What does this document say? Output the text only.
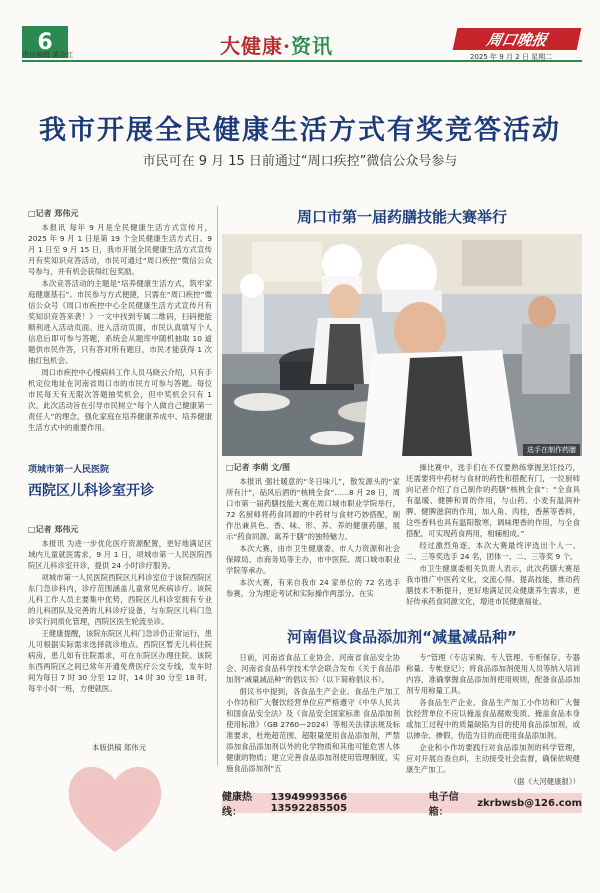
6
责任编辑 黄会红	大健康·资讯	周口晚报
2025 年 9 月 2 日 星期二
我市开展全民健康生活方式有奖竞答活动
市民可在 9 月 15 日前通过“周口疾控”微信公众号参与
□记者 郑伟元

本报讯 每年 9 月是全民健康生活方式宣传月，2025 年 9 月 1 日是第 19 个全民健康生活方式日。9 月 1 日至 9 月 15 日，我市开展全民健康生活方式宣传月有奖知识竞答活动，市民可通过“周口疾控”微信公众号参与，并有机会获得红包奖励。

本次竞答活动的主题是“培养健康生活方式，筑牢家庭健康基石”。市民参与方式便捷，只需在“周口疾控”微信公众号《周口市疾控中心全民健康生活方式宣传月有奖知识竞答来袭！》一文中找到专属二维码，扫码便能顺利进入活动页面。进入活动页面，市民认真填写个人信息后即可参与答题，系统会从题库中随机抽取 10 道题供市民作答，只有答对所有题目，市民才能获得 1 次抽红包机会。

周口市疾控中心慢病科工作人员马晓云介绍，只有手机定位地址在河南省周口市的市民方可参与答题。每位市民每天有无限次答题抽奖机会，但中奖机会只有 1 次。此次活动旨在引导市民树立“每个人做自己健康第一责任人”的理念，强化家庭在培养健康养成中、培养健康生活方式中的重要作用。

项城市第一人民医院
西院区儿科诊室开诊
□记者 郑伟元

本报讯 为进一步优化医疗资源配置，更好地满足区域内儿童就医需求，9 月 1 日，项城市第一人民医院西院区儿科诊室开诊，提供 24 小时诊疗服务。

项城市第一人民医院西院区儿科诊室位于该院西院区东门急诊科内，诊疗范围涵盖儿童常见疾病诊疗。该院儿科工作人员主要集中优势，西院区儿科诊室拥有专业的儿科团队及完善的儿科诊疗设备，与东院区儿科门急诊实行同质化管理，西院区医生轮流坐诊。

王健康提醒，该院东院区儿科门急诊仍正常运行，患儿可根据实际需求选择就诊地点。西院区暂无儿科住院病房，患儿如有住院需求，可在东院区办理住院。该院东西两院区之间已常年开通免费医疗公交专线，发车时间为每日 7 时 30 分至 12 时，14 时 30 分至 18 时，每半小时一班，方便就医。

本版供稿 郑伟元
周口市第一届药膳技能大赛举行
选手在制作药膳
□记者 李萌 文/图

本报讯 强壮暖意的“冬日味儿”，散发源头的“家所有汁”，砧风后酒的“核桃全食”……8 月 28 日，周口市第一届药膳技能大赛在周口城市职业学院举行，72 名厨师将药食同源的中药材与食材巧妙搭配，制作出兼具色、香、味、形、养、养的健康药膳，展示“药食同源、寓养于膳”的独特魅力。

本次大赛，由市卫生健康委、市人力资源和社会保障局、市商务局等主办，市中医院、周口城市职业学院等承办。

本次大赛，有来自我市 24 家单位的 72 名选手参赛，分为理论考试和实际操作两部分。在实

操比赛中，选手们在不仅要熟练掌握烹饪技巧，还需要将中药材与食材的药性和搭配有门，一位厨师向记者介绍了自己制作的药膳“核桃全食”：“全食具有温暖、健脾和胃的作用，与山药、小麦有温润补脾、健脾滋润的作用，加入角、肉桂，香蕉等香料，这些香料也具有温阳散寒，调味理香的作用，与全食搭配，可实现药食两用，相辅相成。”

经过激烈角逐，本次大赛最终评选出个人一、二、三等奖选手 24 名，团体一、二、三等奖 9 个。

市卫生健康委相关负责人表示，此次药膳大赛是我市推广中医药文化，交流心得、提高技能，推动药膳技术不断提升，更好地满足民众健康养生需求，更好传承药食同源文化，增进市民健康福祉。

河南倡议食品添加剂“减量减品种”

日前，河南省食品工业协会、河南省食品安全协会、河南省食品科学技术学会联合发布《关于食品添加剂“减量减品种”的倡议书》（以下简称倡议书）。

倡议书中提到，各食品生产企业、食品生产加工小作坊和广大餐饮经营单位应严格遵守《中华人民共和国食品安全法》及《食品安全国家标准 食品添加剂使用标准》（GB 2760—2024）等相关法律法规及标准要求，杜绝超范围、超限量使用食品添加剂，严禁添加食品添加剂以外的化学物质和其他可能危害人体健康的物质；建立完善食品添加剂使用管理制度，实施食品添加剂“五

专”管理（专店采购、专人管理、专柜保存、专器称量、专帐登记）；将食品添加剂使用人员等纳入培训内容，准确掌握食品添加剂使用规则，配备食品添加剂专用称量工具。

各食品生产企业、食品生产加工小作坊和广大餐饮经营单位不应以掩盖食品腐败变质、掩盖食品本身或加工过程中的质量缺陷为目的使用食品添加剂，或以掺杂、掺假、伪造为目的而使用食品添加剂。

企业和小作坊要践行对食品添加剂的科学管理，应对开展自查自纠，主动接受社会监督，确保依规健康生产加工。

（据《大河健康报》）

健康热线：
13949993566 13592285505
电子信箱：
zkrbwsb@126.com
